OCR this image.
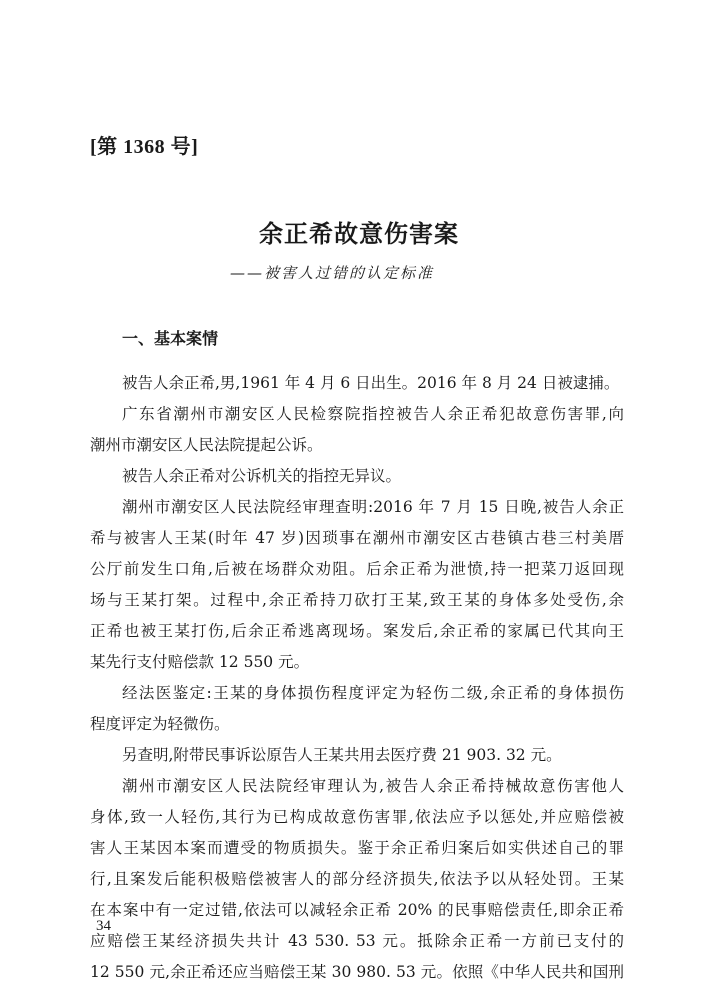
[第 1368 号]
余正希故意伤害案
——被害人过错的认定标准
一、基本案情
被告人余正希,男,1961 年 4 月 6 日出生。2016 年 8 月 24 日被逮捕。
广东省潮州市潮安区人民检察院指控被告人余正希犯故意伤害罪,向
潮州市潮安区人民法院提起公诉。
被告人余正希对公诉机关的指控无异议。
潮州市潮安区人民法院经审理查明:2016 年 7 月 15 日晚,被告人余正
希与被害人王某(时年 47 岁)因琐事在潮州市潮安区古巷镇古巷三村美厝
公厅前发生口角,后被在场群众劝阻。后余正希为泄愤,持一把菜刀返回现
场与王某打架。过程中,余正希持刀砍打王某,致王某的身体多处受伤,余
正希也被王某打伤,后余正希逃离现场。案发后,余正希的家属已代其向王
某先行支付赔偿款 12 550 元。
经法医鉴定:王某的身体损伤程度评定为轻伤二级,余正希的身体损伤
程度评定为轻微伤。
另查明,附带民事诉讼原告人王某共用去医疗费 21 903. 32 元。
潮州市潮安区人民法院经审理认为,被告人余正希持械故意伤害他人
身体,致一人轻伤,其行为已构成故意伤害罪,依法应予以惩处,并应赔偿被
害人王某因本案而遭受的物质损失。鉴于余正希归案后如实供述自己的罪
行,且案发后能积极赔偿被害人的部分经济损失,依法予以从轻处罚。王某
在本案中有一定过错,依法可以减轻余正希 20% 的民事赔偿责任,即余正希
应赔偿王某经济损失共计 43 530. 53 元。抵除余正希一方前已支付的
12 550 元,余正希还应当赔偿王某 30 980. 53 元。依照《中华人民共和国刑
34
